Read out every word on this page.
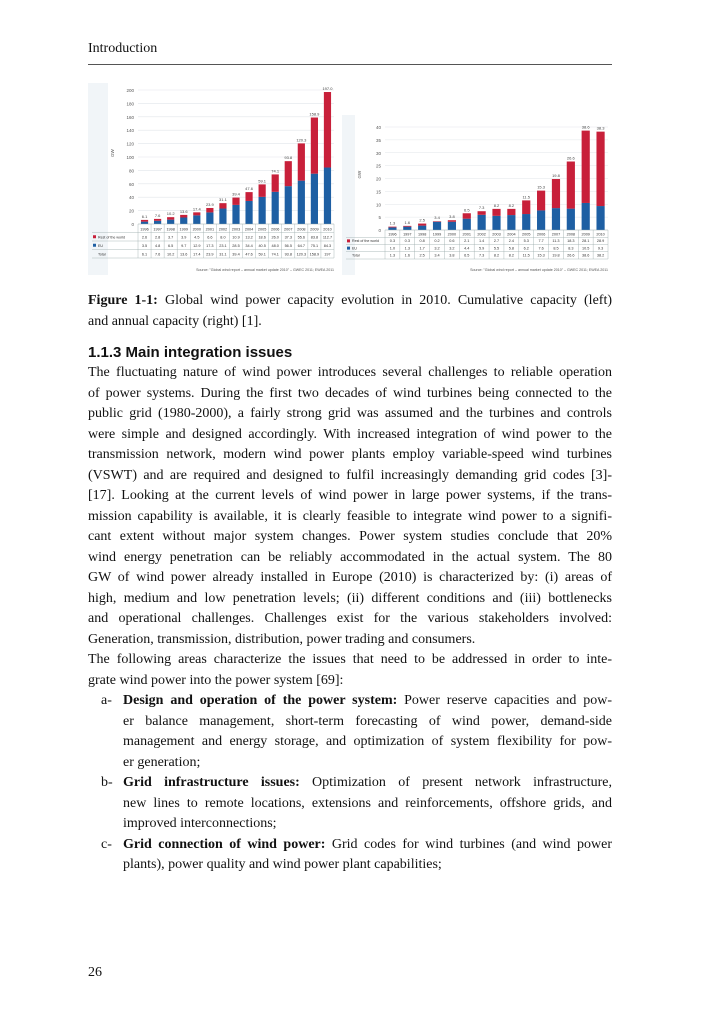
Introduction
0
20
40
60
80
100
120
140
160
180
200
GW
6.1 7.6 10.2 13.6
17.4
23.9
31.1
39.4
47.6
59.1
74.1
93.8
120.3
158.9
197.0
1996 1997 1998 1999 2000 2001 2002 2003 2004 2005 2006 2007 2008 2009 2010
Rest of the world	2.6 2.8 3.7 3.9 4.5 6.6 8.0 10.9 13.2 18.6 26.0 37.3 55.6 83.8 112.7
EU	3.5 4.8 6.5 9.7 12.9 17.3 23.1 28.5 34.4 40.5 48.0 56.5 64.7 75.1 84.3
Total	6.1 7.6 10.2 13.6 17.4 23.9 31.1 39.4 47.6 59.1 74.1 93.8 120.3 158.9 197
Source: "Global wind report – annual market update 2010" – GWEC 2011; EWEA 2011
0
5
10
15
20
25
30
35
40
GW
1.3 1.6 2.5 3.4 3.8
6.5 7.3 8.2 8.2
11.5
15.3
19.8
26.6
38.6 38.3
1996 1997 1998 1999 2000 2001 2002 2003 2004 2005 2006 2007 2008 2009 2010
Rest of the world	0.3	0.3	0.8	0.2	0.6	2.1	1.4	2.7	2.4	5.3	7.7 11.3 18.3 28.1 28.9
EU	1.0	1.3	1.7	3.2	3.2	4.4	5.9	5.5	5.8	6.2	7.6	8.5	8.3 10.5 9.3
Total	1.3	1.6	2.5	3.4	3.8	6.5	7.3	8.2	8.2 11.5 15.3 19.8 26.6 38.6 38.2
Source: "Global wind report – annual market update 2010" – GWEC 2011; EWEA 2011
Figure 1-1: Global wind power capacity evolution in 2010. Cumulative capacity (left)
and annual capacity (right) [1].
1.1.3 Main integration issues
The fluctuating nature of wind power introduces several challenges to reliable operation
of power systems. During the first two decades of wind turbines being connected to the
public grid (1980-2000), a fairly strong grid was assumed and the turbines and controls
were simple and designed accordingly. With increased integration of wind power to the
transmission network, modern wind power plants employ variable-speed wind turbines
(VSWT) and are required and designed to fulfil increasingly demanding grid codes [3]-
[17]. Looking at the current levels of wind power in large power systems, if the trans-
mission capability is available, it is clearly feasible to integrate wind power to a signifi-
cant extent without major system changes. Power system studies conclude that 20%
wind energy penetration can be reliably accommodated in the actual system. The 80
GW of wind power already installed in Europe (2010) is characterized by: (i) areas of
high, medium and low penetration levels; (ii) different conditions and (iii) bottlenecks
and operational challenges. Challenges exist for the various stakeholders involved:
Generation, transmission, distribution, power trading and consumers.
The following areas characterize the issues that need to be addressed in order to inte-
grate wind power into the power system [69]:
a- Design and operation of the power system: Power reserve capacities and pow-
er balance management, short-term forecasting of wind power, demand-side
management and energy storage, and optimization of system flexibility for pow-
er generation;
b- Grid infrastructure issues: Optimization of present network infrastructure,
new lines to remote locations, extensions and reinforcements, offshore grids, and
improved interconnections;
c- Grid connection of wind power: Grid codes for wind turbines (and wind power
plants), power quality and wind power plant capabilities;
26
